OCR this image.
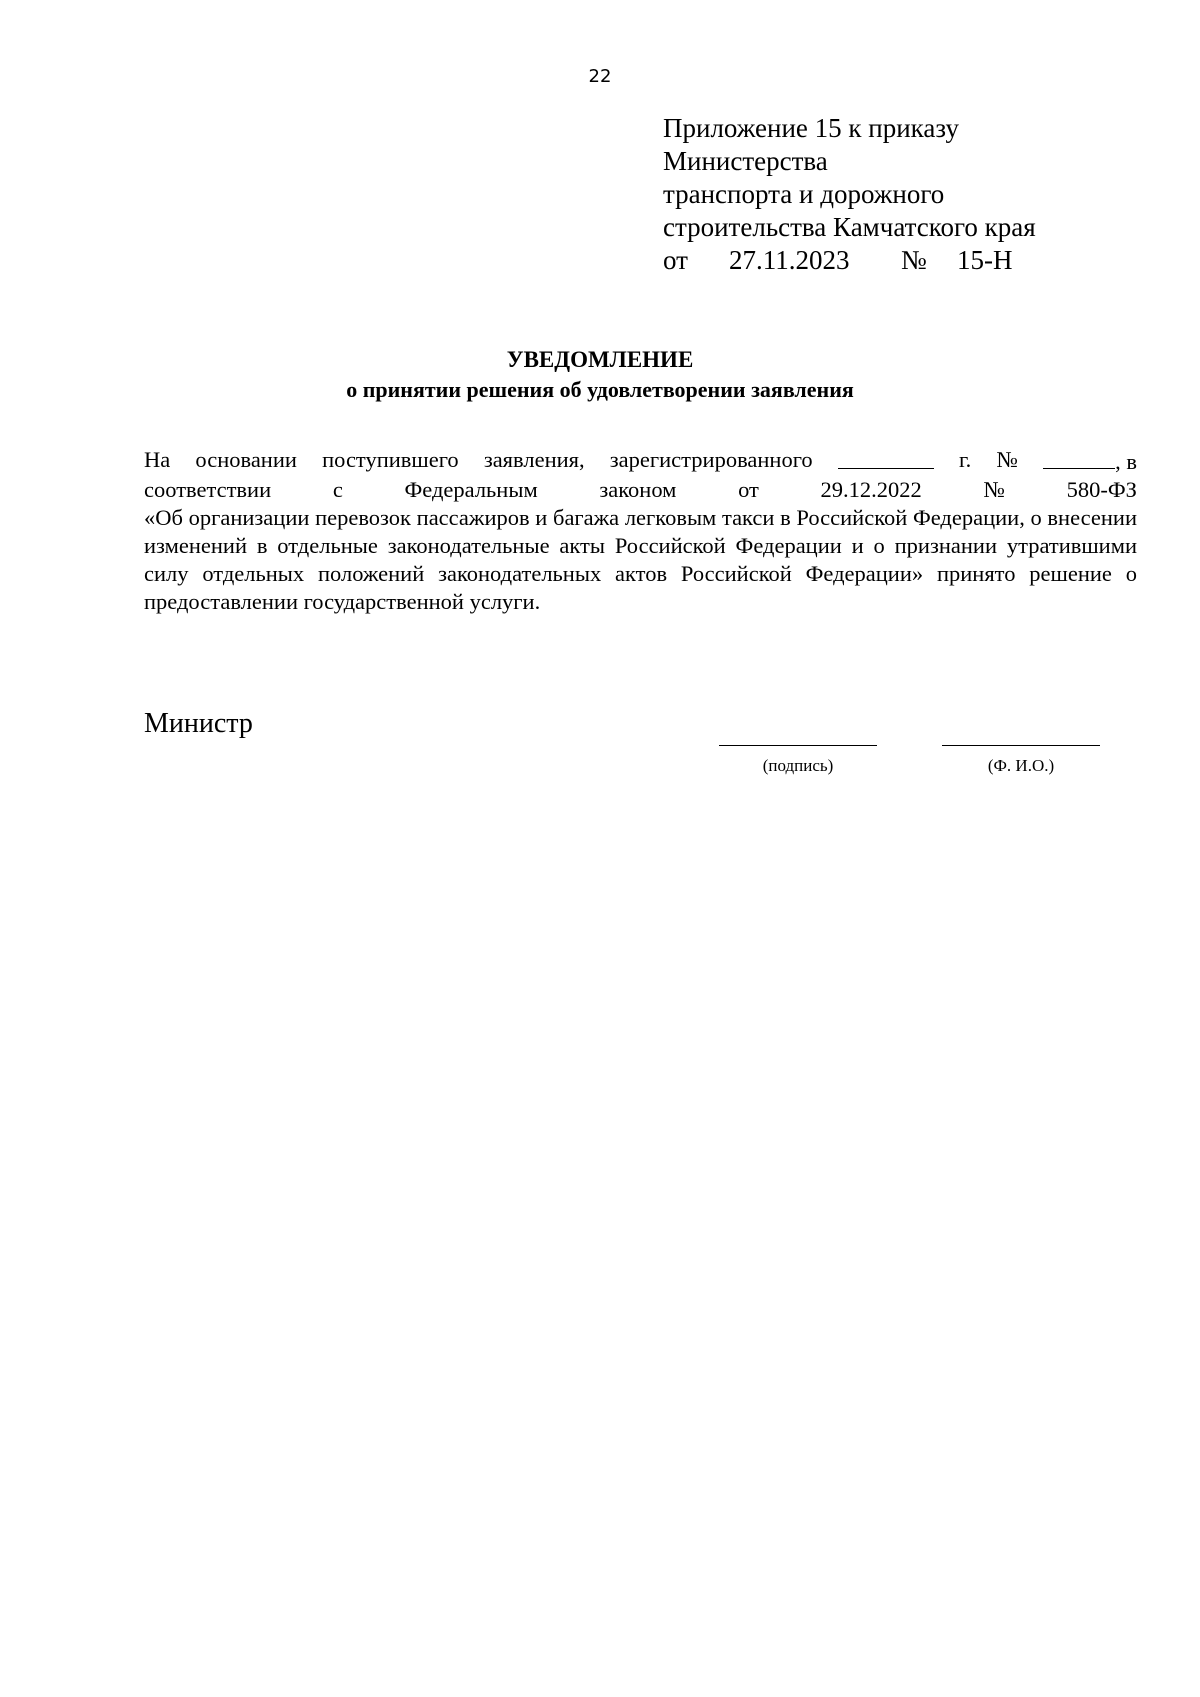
22
Приложение 15 к приказу
Министерства
транспорта и дорожного
строительства Камчатского края
от 27.11.2023 № 15-Н
УВЕДОМЛЕНИЕ
о принятии решения об удовлетворении заявления
На основании поступившего заявления, зарегистрированного	г. №	, в
соответствии	с	Федеральным	законом	от	29.12.2022	№	580-ФЗ
«Об организации перевозок пассажиров и багажа легковым такси в Российской Федерации, о внесении изменений в отдельные законодательные акты Российской Федерации и о признании утратившими силу отдельных положений законодательных актов Российской Федерации» принято решение о предоставлении государственной услуги.
Министр
(подпись)	(Ф. И.О.)
